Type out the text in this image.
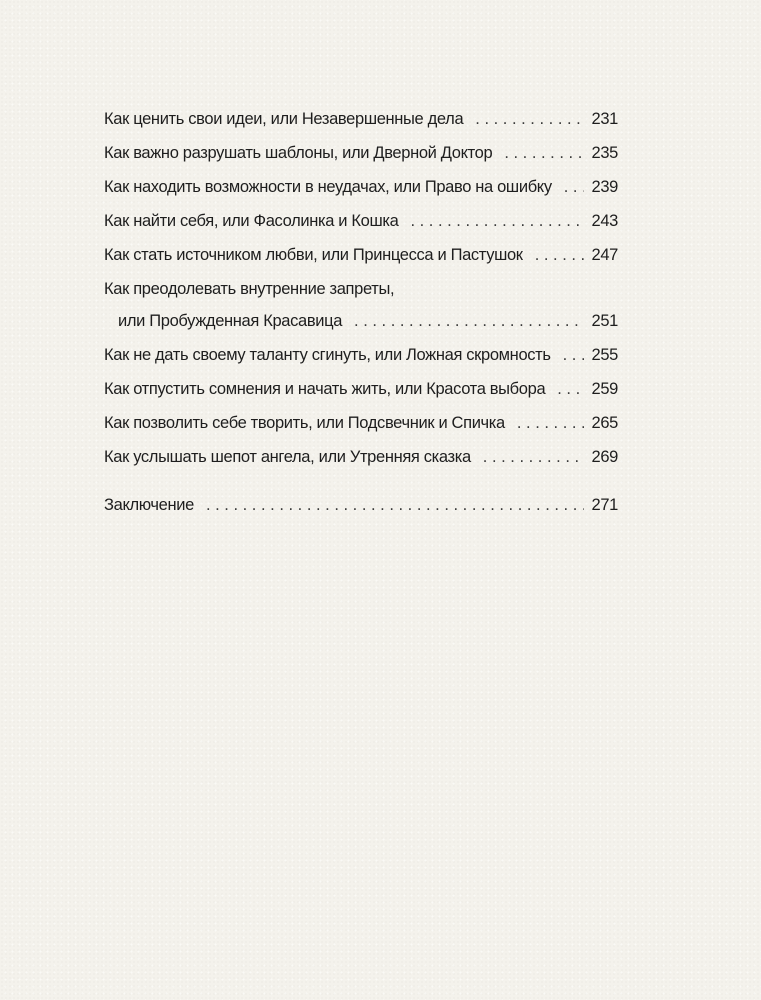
Как ценить свои идеи, или Незавершенные дела . . .	231
Как важно разрушать шаблоны, или Дверной Доктор . . .	235
Как находить возможности в неудачах, или Право на ошибку . . . 239
Как найти себя, или Фасолинка и Кошка . . .	243
Как стать источником любви, или Принцесса и Пастушок . . .	247
Как преодолевать внутренние запреты,
или Пробужденная Красавица . . .	251
Как не дать своему таланту сгинуть, или Ложная скромность . . . 255
Как отпустить сомнения и начать жить, или Красота выбора . . .	259
Как позволить себе творить, или Подсвечник и Спичка . . .	265
Как услышать шепот ангела, или Утренняя сказка . . .	269
Заключение . . .	271
